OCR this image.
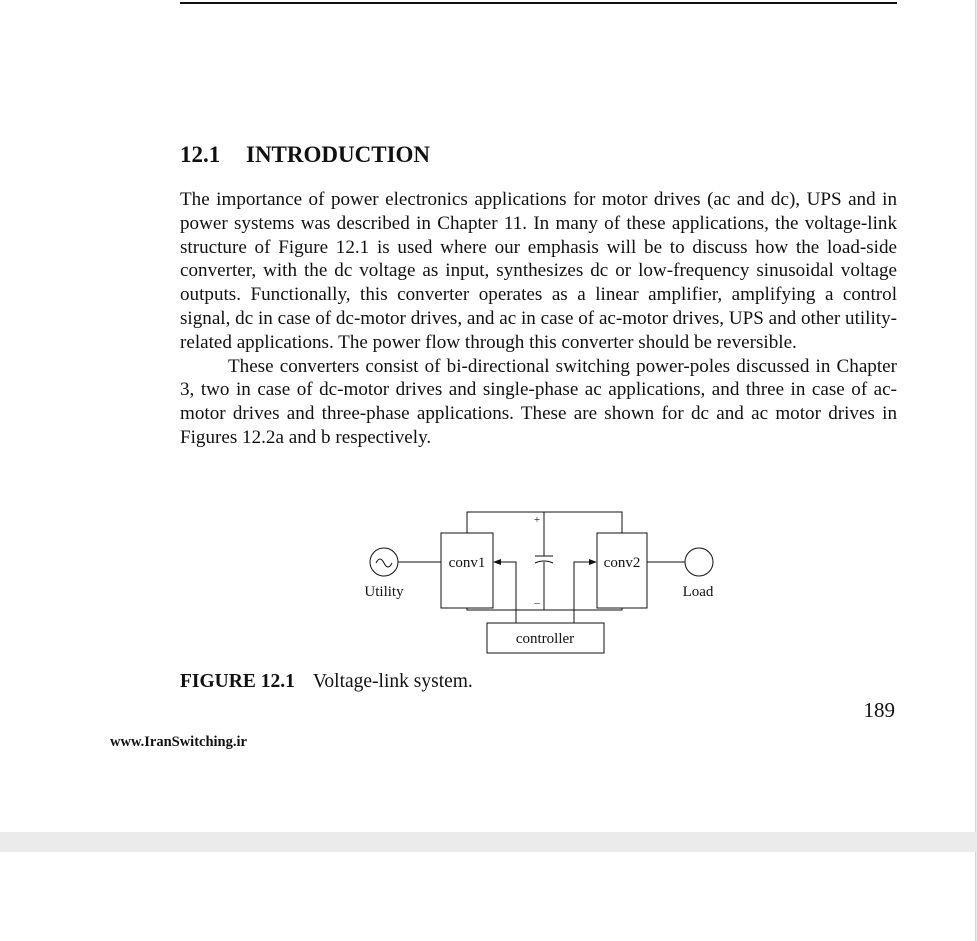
12.1 INTRODUCTION

The importance of power electronics applications for motor drives (ac and dc), UPS and in power systems was described in Chapter 11. In many of these applications, the voltage-link structure of Figure 12.1 is used where our emphasis will be to discuss how the load-side converter, with the dc voltage as input, synthesizes dc or low-frequency sinusoidal voltage outputs. Functionally, this converter operates as a linear amplifier, amplifying a control signal, dc in case of dc-motor drives, and ac in case of ac-motor drives, UPS and other utility-related applications. The power flow through this converter should be reversible.

These converters consist of bi-directional switching power-poles discussed in Chapter 3, two in case of dc-motor drives and single-phase ac applications, and three in case of ac-motor drives and three-phase applications. These are shown for dc and ac motor drives in Figures 12.2a and b respectively.

conv1	conv2
controller
Utility	Load
+
–
FIGURE 12.1 Voltage-link system.
189
www.IranSwitching.ir
